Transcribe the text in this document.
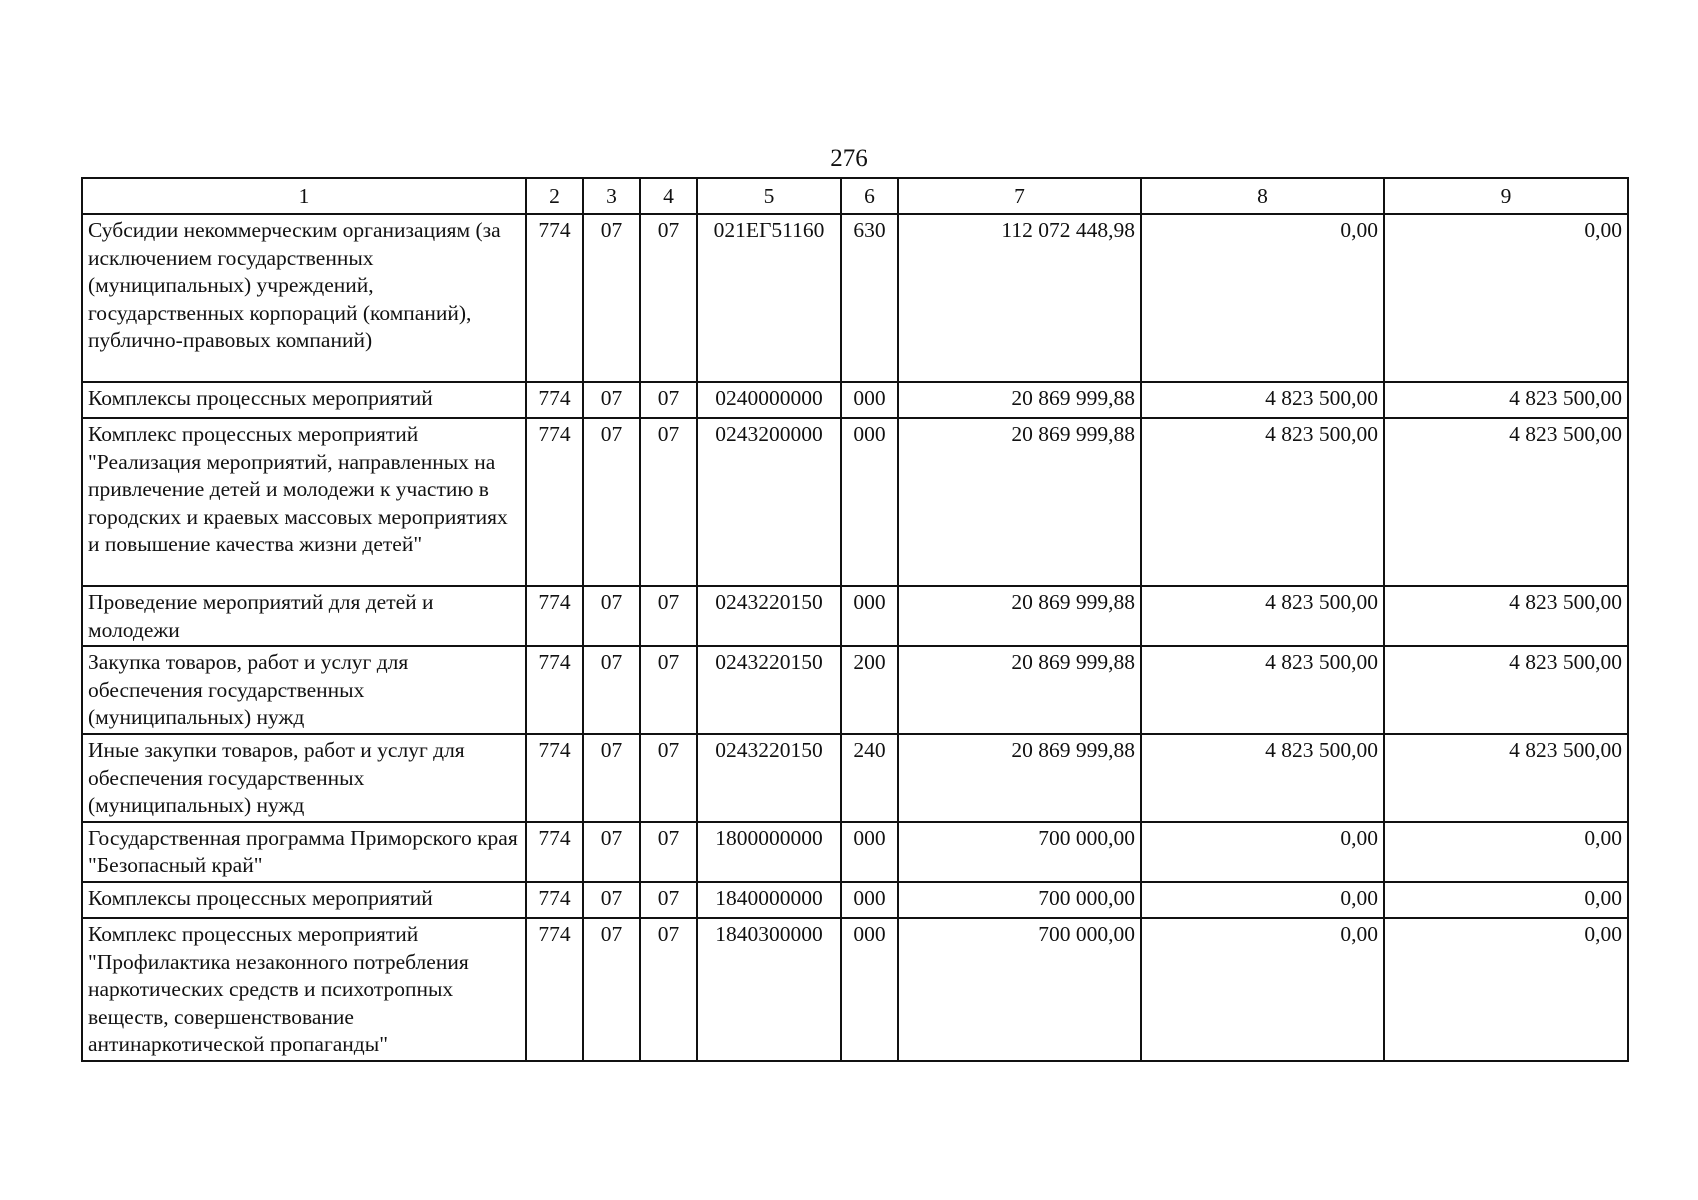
276
1	2	3	4	5	6	7	8	9
Субсидии некоммерческим организациям (за исключением государственных (муниципальных) учреждений, государственных корпораций (компаний), публично-правовых компаний)	774	07	07	021ЕГ51160	630	112 072 448,98	0,00	0,00
Комплексы процессных мероприятий	774	07	07	0240000000	000	20 869 999,88	4 823 500,00	4 823 500,00
Комплекс процессных мероприятий "Реализация мероприятий, направленных на привлечение детей и молодежи к участию в городских и краевых массовых мероприятиях и повышение качества жизни детей"	774	07	07	0243200000	000	20 869 999,88	4 823 500,00	4 823 500,00
Проведение мероприятий для детей и молодежи	774	07	07	0243220150	000	20 869 999,88	4 823 500,00	4 823 500,00
Закупка товаров, работ и услуг для обеспечения государственных (муниципальных) нужд	774	07	07	0243220150	200	20 869 999,88	4 823 500,00	4 823 500,00
Иные закупки товаров, работ и услуг для обеспечения государственных (муниципальных) нужд	774	07	07	0243220150	240	20 869 999,88	4 823 500,00	4 823 500,00
Государственная программа Приморского края "Безопасный край"	774	07	07	1800000000	000	700 000,00	0,00	0,00
Комплексы процессных мероприятий	774	07	07	1840000000	000	700 000,00	0,00	0,00
Комплекс процессных мероприятий "Профилактика незаконного потребления наркотических средств и психотропных веществ, совершенствование антинаркотической пропаганды"	774	07	07	1840300000	000	700 000,00	0,00	0,00
